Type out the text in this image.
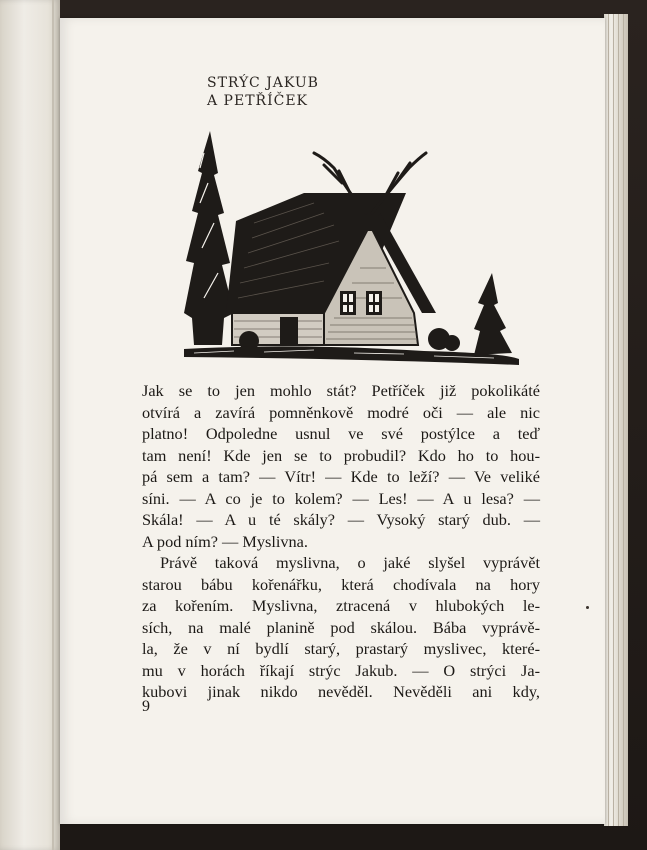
STRÝC JAKUB
A PETŘÍČEK
Jak se to jen mohlo stát? Petříček již pokolikáté
otvírá a zavírá pomněnkově modré oči — ale nic
platno! Odpoledne usnul ve své postýlce a teď
tam není! Kde jen se to probudil? Kdo ho to hou-
pá sem a tam? — Vítr! — Kde to leží? — Ve veliké
síni. — A co je to kolem? — Les! — A u lesa? —
Skála! — A u té skály? — Vysoký starý dub. —
A pod ním? — Myslivna.
Právě taková myslivna, o jaké slyšel vyprávět
starou bábu kořenářku, která chodívala na hory
za kořením. Myslivna, ztracená v hlubokých le-
sích, na malé planině pod skálou. Bába vyprávě-
la, že v ní bydlí starý, prastarý myslivec, které-
mu v horách říkají strýc Jakub. — O strýci Ja-
kubovi jinak nikdo nevěděl. Nevěděli ani kdy,
9
